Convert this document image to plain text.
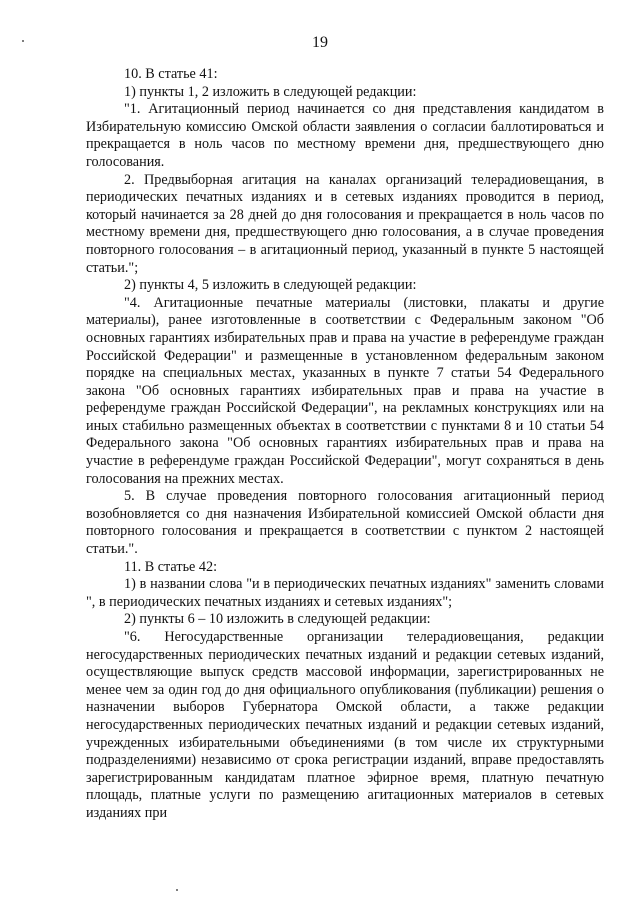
19

10. В статье 41:

1) пункты 1, 2 изложить в следующей редакции:

"1. Агитационный период начинается со дня представления кандидатом в Избирательную комиссию Омской области заявления о согласии баллотироваться и прекращается в ноль часов по местному времени дня, предшествующего дню голосования.

2. Предвыборная агитация на каналах организаций телерадиовещания, в периодических печатных изданиях и в сетевых изданиях проводится в период, который начинается за 28 дней до дня голосования и прекращается в ноль часов по местному времени дня, предшествующего дню голосования, а в случае проведения повторного голосования – в агитационный период, указанный в пункте 5 настоящей статьи.";

2) пункты 4, 5 изложить в следующей редакции:

"4. Агитационные печатные материалы (листовки, плакаты и другие материалы), ранее изготовленные в соответствии с Федеральным законом "Об основных гарантиях избирательных прав и права на участие в референдуме граждан Российской Федерации" и размещенные в установленном федеральным законом порядке на специальных местах, указанных в пункте 7 статьи 54 Федерального закона "Об основных гарантиях избирательных прав и права на участие в референдуме граждан Российской Федерации", на рекламных конструкциях или на иных стабильно размещенных объектах в соответствии с пунктами 8 и 10 статьи 54 Федерального закона "Об основных гарантиях избирательных прав и права на участие в референдуме граждан Российской Федерации", могут сохраняться в день голосования на прежних местах.

5. В случае проведения повторного голосования агитационный период возобновляется со дня назначения Избирательной комиссией Омской области дня повторного голосования и прекращается в соответствии с пунктом 2 настоящей статьи.".

11. В статье 42:

1) в названии слова "и в периодических печатных изданиях" заменить словами ", в периодических печатных изданиях и сетевых изданиях";

2) пункты 6 – 10 изложить в следующей редакции:

"6. Негосударственные организации телерадиовещания, редакции негосударственных периодических печатных изданий и редакции сетевых изданий, осуществляющие выпуск средств массовой информации, зарегистрированных не менее чем за один год до дня официального опубликования (публикации) решения о назначении выборов Губернатора Омской области, а также редакции негосударственных периодических печатных изданий и редакции сетевых изданий, учрежденных избирательными объединениями (в том числе их структурными подразделениями) независимо от срока регистрации изданий, вправе предоставлять зарегистрированным кандидатам платное эфирное время, платную печатную площадь, платные услуги по размещению агитационных материалов в сетевых изданиях при
